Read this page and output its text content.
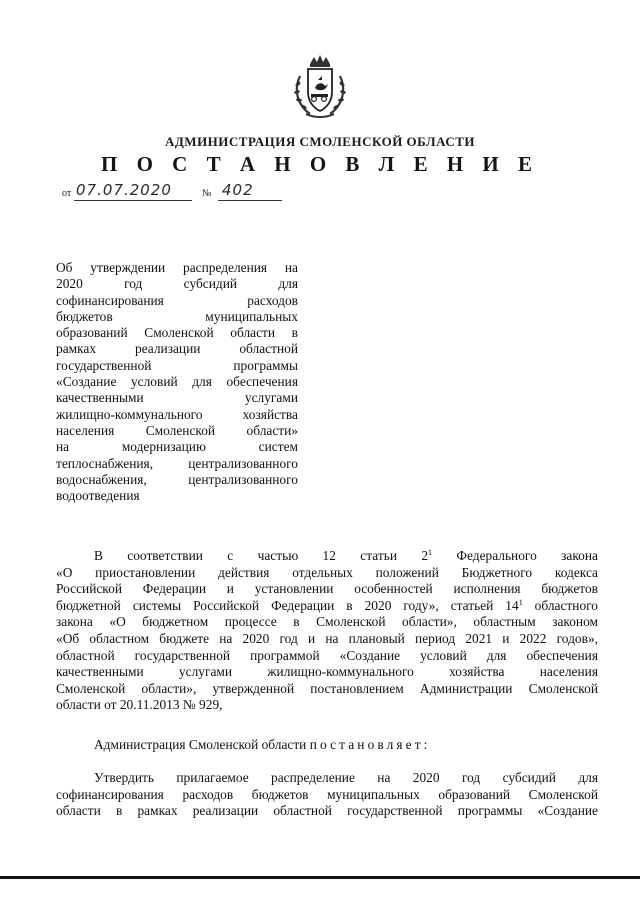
АДМИНИСТРАЦИЯ СМОЛЕНСКОЙ ОБЛАСТИ
П О С Т А Н О В Л Е Н И Е
от 07.07.2020	№ 402
Об утверждении распределения на
2020 год субсидий для
софинансирования расходов
бюджетов муниципальных
образований Смоленской области в
рамках реализации областной
государственной программы
«Создание условий для обеспечения
качественными услугами
жилищно-коммунального хозяйства
населения Смоленской области»
на модернизацию систем
теплоснабжения, централизованного
водоснабжения, централизованного
водоотведения
В соответствии с частью 12 статьи $2^1$ Федерального закона
«О приостановлении действия отдельных положений Бюджетного кодекса
Российской Федерации и установлении особенностей исполнения бюджетов
бюджетной системы Российской Федерации в 2020 году», статьей $14^1$ областного
закона «О бюджетном процессе в Смоленской области», областным законом
«Об областном бюджете на 2020 год и на плановый период 2021 и 2022 годов»,
областной государственной программой «Создание условий для обеспечения
качественными услугами жилищно-коммунального хозяйства населения
Смоленской области», утвержденной постановлением Администрации Смоленской
области от 20.11.2013 № 929,
Администрация Смоленской области постановляет:
Утвердить прилагаемое распределение на 2020 год субсидий для
софинансирования расходов бюджетов муниципальных образований Смоленской
области в рамках реализации областной государственной программы «Создание
